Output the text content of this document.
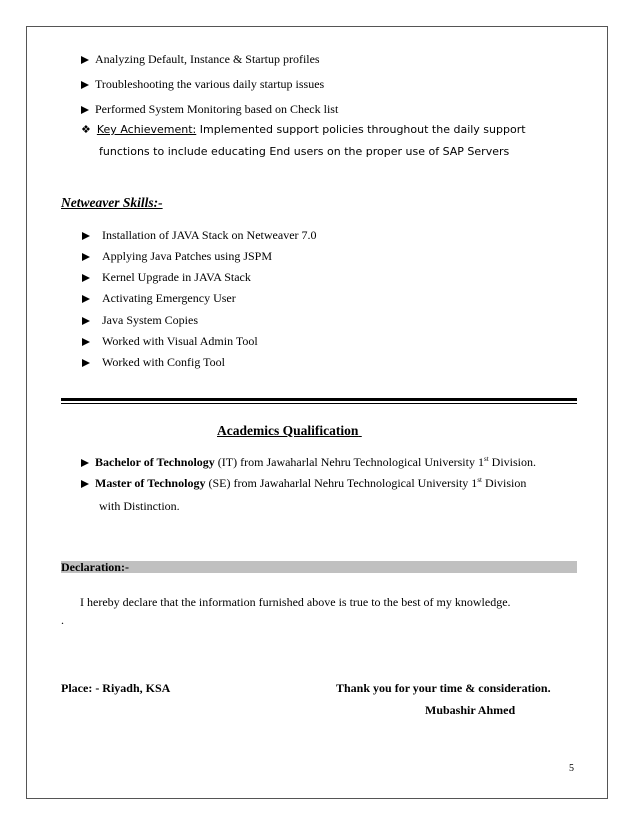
Analyzing Default, Instance & Startup profiles
Troubleshooting the various daily startup issues
Performed System Monitoring based on Check list
❖ Key Achievement: Implemented support policies throughout the daily support
functions to include educating End users on the proper use of SAP Servers
Netweaver Skills:-
Installation of JAVA Stack on Netweaver 7.0
Applying Java Patches using JSPM
Kernel Upgrade in JAVA Stack
Activating Emergency User
Java System Copies
Worked with Visual Admin Tool
Worked with Config Tool
Academics Qualification
Bachelor of Technology (IT) from Jawaharlal Nehru Technological University 1st Division.
Master of Technology (SE) from Jawaharlal Nehru Technological University 1st Division
with Distinction.
Declaration:-
I hereby declare that the information furnished above is true to the best of my knowledge.
.
Place: - Riyadh, KSA	Thank you for your time & consideration.
Mubashir Ahmed
5
